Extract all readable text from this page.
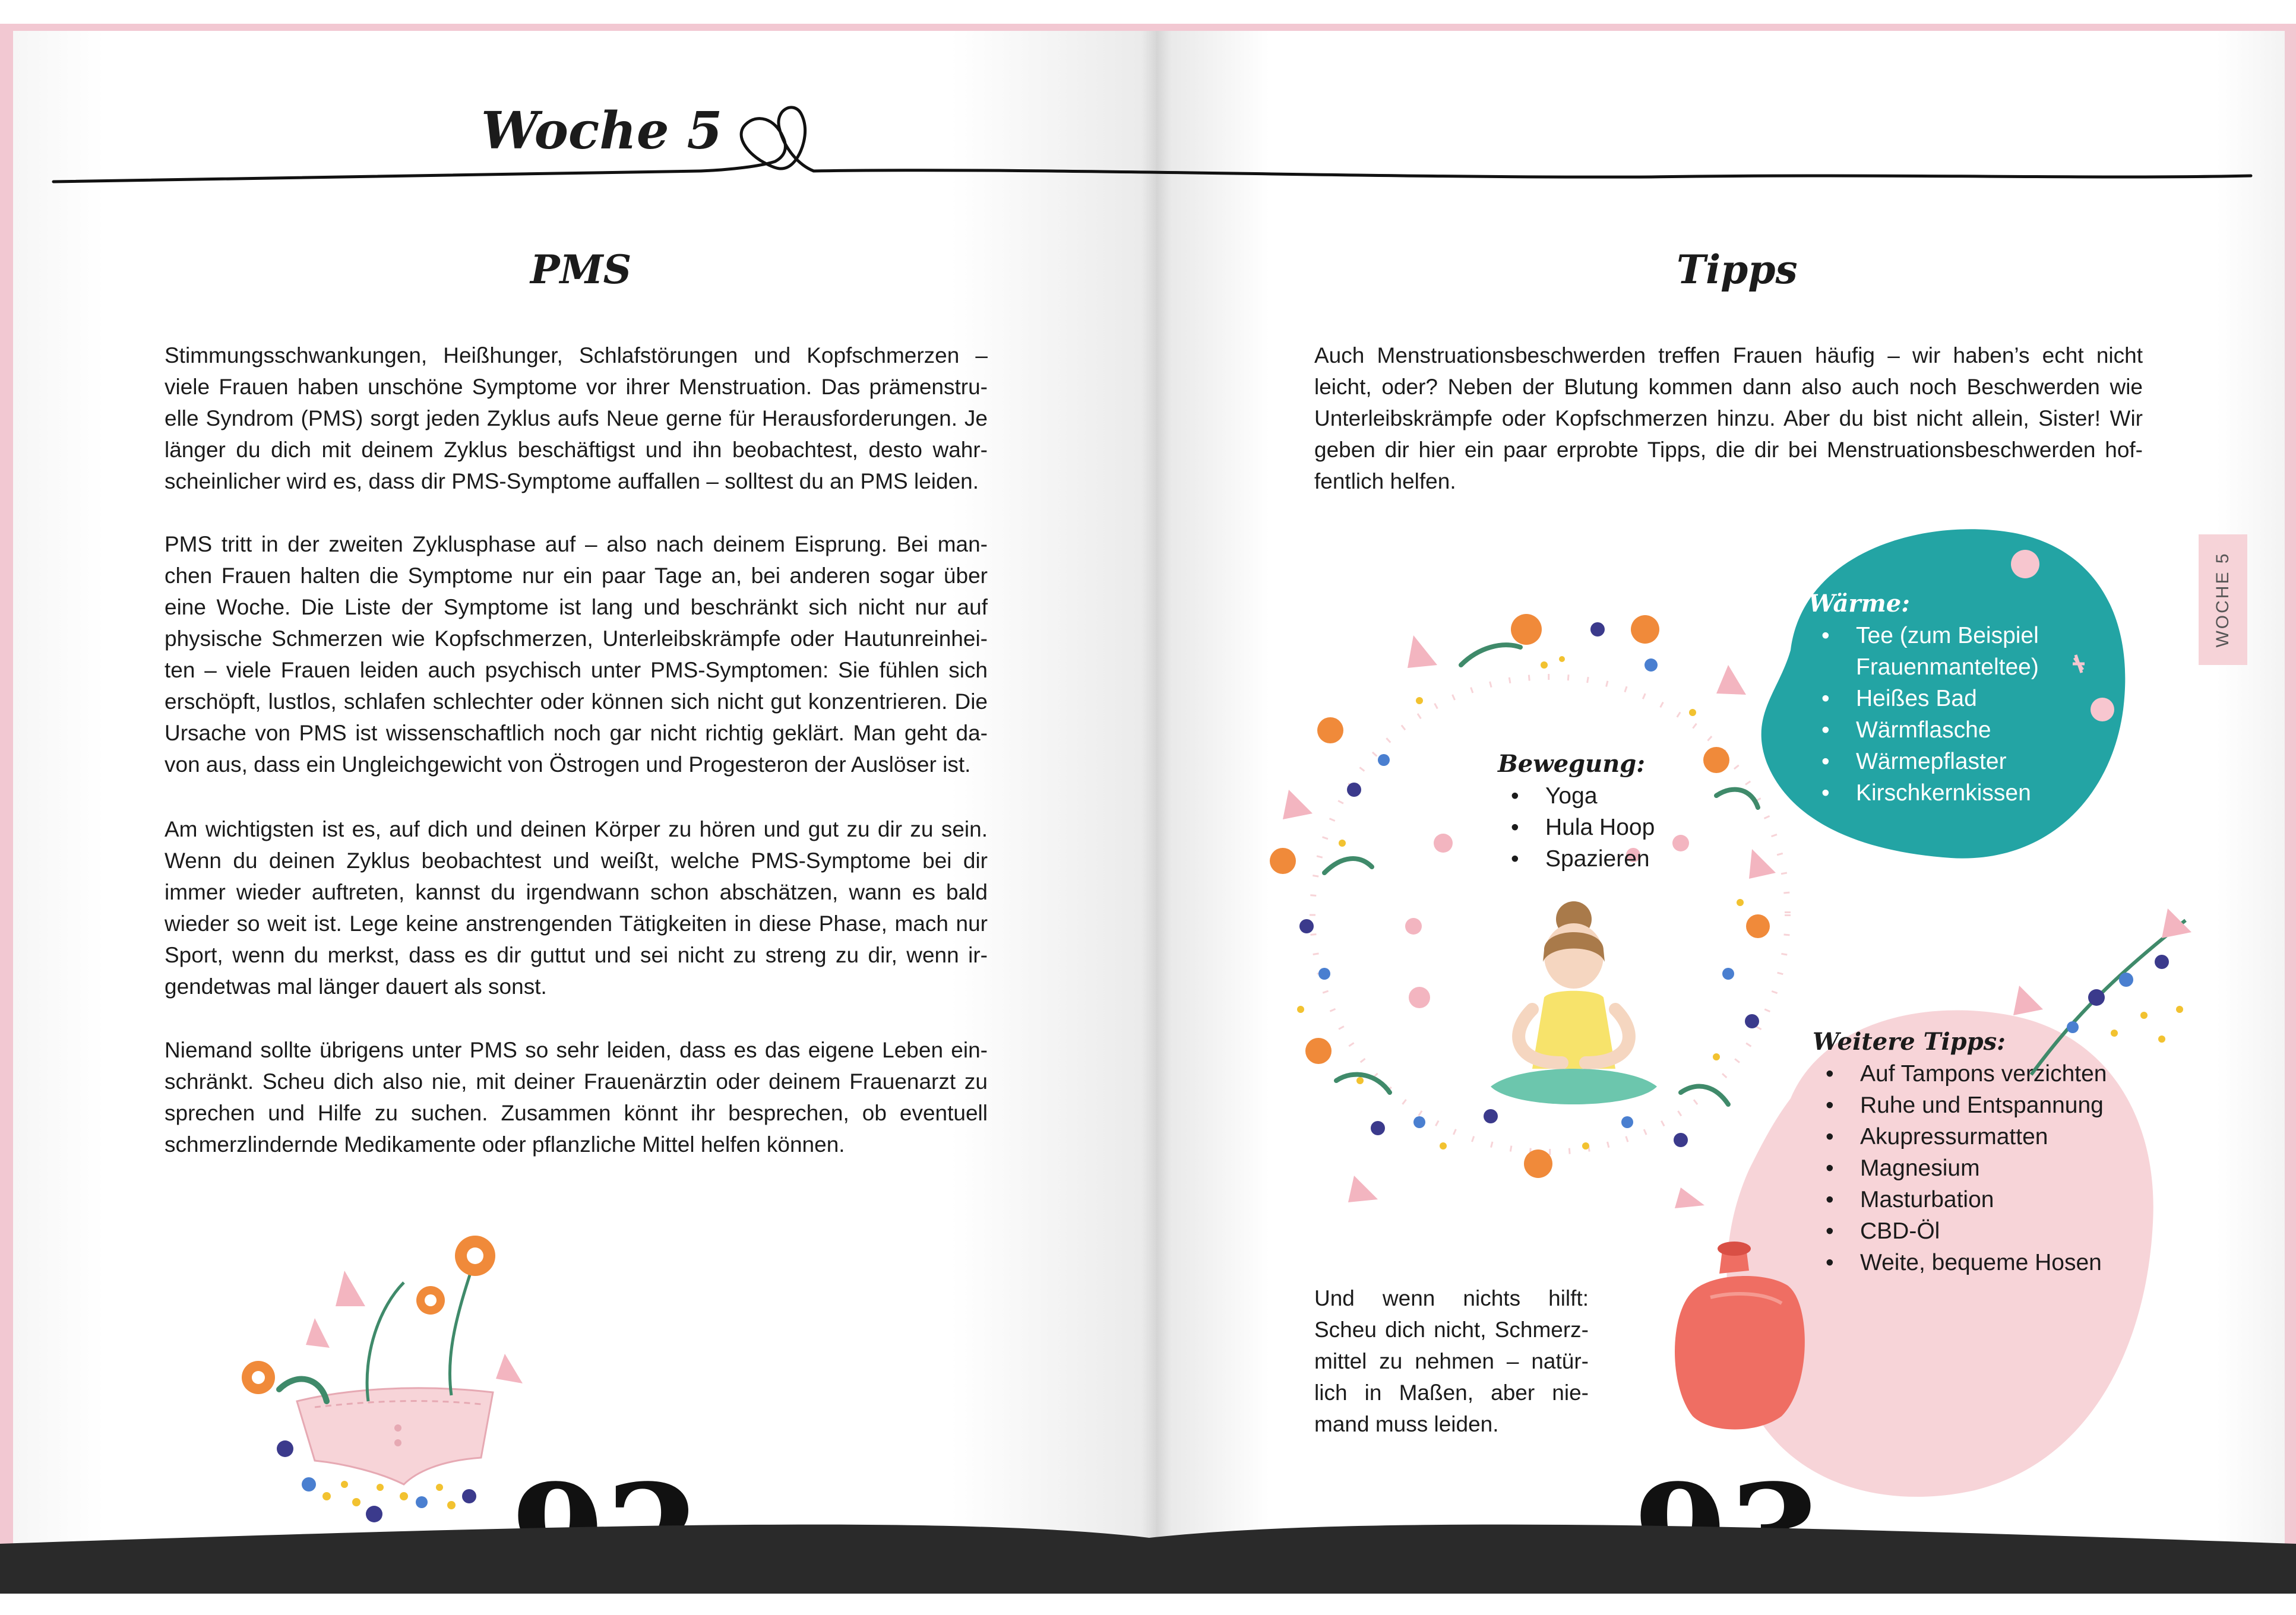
Woche 5
PMS

Stimmungsschwankungen, Heißhunger, Schlafstörungen und Kopfschmerzen – viele Frauen haben unschöne Symptome vor ihrer Menstruation. Das prämenstru-elle Syndrom (PMS) sorgt jeden Zyklus aufs Neue gerne für Herausforderungen. Je länger du dich mit deinem Zyklus beschäftigst und ihn beobachtest, desto wahr-scheinlicher wird es, dass dir PMS-Symptome auffallen – solltest du an PMS leiden.

PMS tritt in der zweiten Zyklusphase auf – also nach deinem Eisprung. Bei man-chen Frauen halten die Symptome nur ein paar Tage an, bei anderen sogar über eine Woche. Die Liste der Symptome ist lang und beschränkt sich nicht nur auf physische Schmerzen wie Kopfschmerzen, Unterleibskrämpfe oder Hautunreinhei-ten – viele Frauen leiden auch psychisch unter PMS-Symptomen: Sie fühlen sich erschöpft, lustlos, schlafen schlechter oder können sich nicht gut konzentrieren. Die Ursache von PMS ist wissenschaftlich noch gar nicht richtig geklärt. Man geht da-von aus, dass ein Ungleichgewicht von Östrogen und Progesteron der Auslöser ist.

Am wichtigsten ist es, auf dich und deinen Körper zu hören und gut zu dir zu sein. Wenn du deinen Zyklus beobachtest und weißt, welche PMS-Symptome bei dir immer wieder auftreten, kannst du irgendwann schon abschätzen, wann es bald wieder so weit ist. Lege keine anstrengenden Tätigkeiten in diese Phase, mach nur Sport, wenn du merkst, dass es dir guttut und sei nicht zu streng zu dir, wenn ir-gendetwas mal länger dauert als sonst.

Niemand sollte übrigens unter PMS so sehr leiden, dass es das eigene Leben ein-schränkt. Scheu dich also nie, mit deiner Frauenärztin oder deinem Frauenarzt zu sprechen und Hilfe zu suchen. Zusammen könnt ihr besprechen, ob eventuell schmerzlindernde Medikamente oder pflanzliche Mittel helfen können.

Tipps

Auch Menstruationsbeschwerden treffen Frauen häufig – wir haben’s echt nicht leicht, oder? Neben der Blutung kommen dann also auch noch Beschwerden wie Unterleibskrämpfe oder Kopfschmerzen hinzu. Aber du bist nicht allein, Sister! Wir geben dir hier ein paar erprobte Tipps, die dir bei Menstruationsbeschwerden hof-fentlich helfen.

WOCHE 5
Wärme:
• Tee (zum Beispiel Frauenmanteltee)
• Heißes Bad
• Wärmflasche
• Wärmepflaster
• Kirschkernkissen
Weitere Tipps:
• Auf Tampons verzichten
• Ruhe und Entspannung
• Akupressurmatten
• Magnesium
• Masturbation
• CBD-Öl
• Weite, bequeme Hosen
Bewegung:
• Yoga
• Hula Hoop
• Spazieren

Und wenn nichts hilft: Scheu dich nicht, Schmerz-mittel zu nehmen – natür-lich in Maßen, aber nie-mand muss leiden.
